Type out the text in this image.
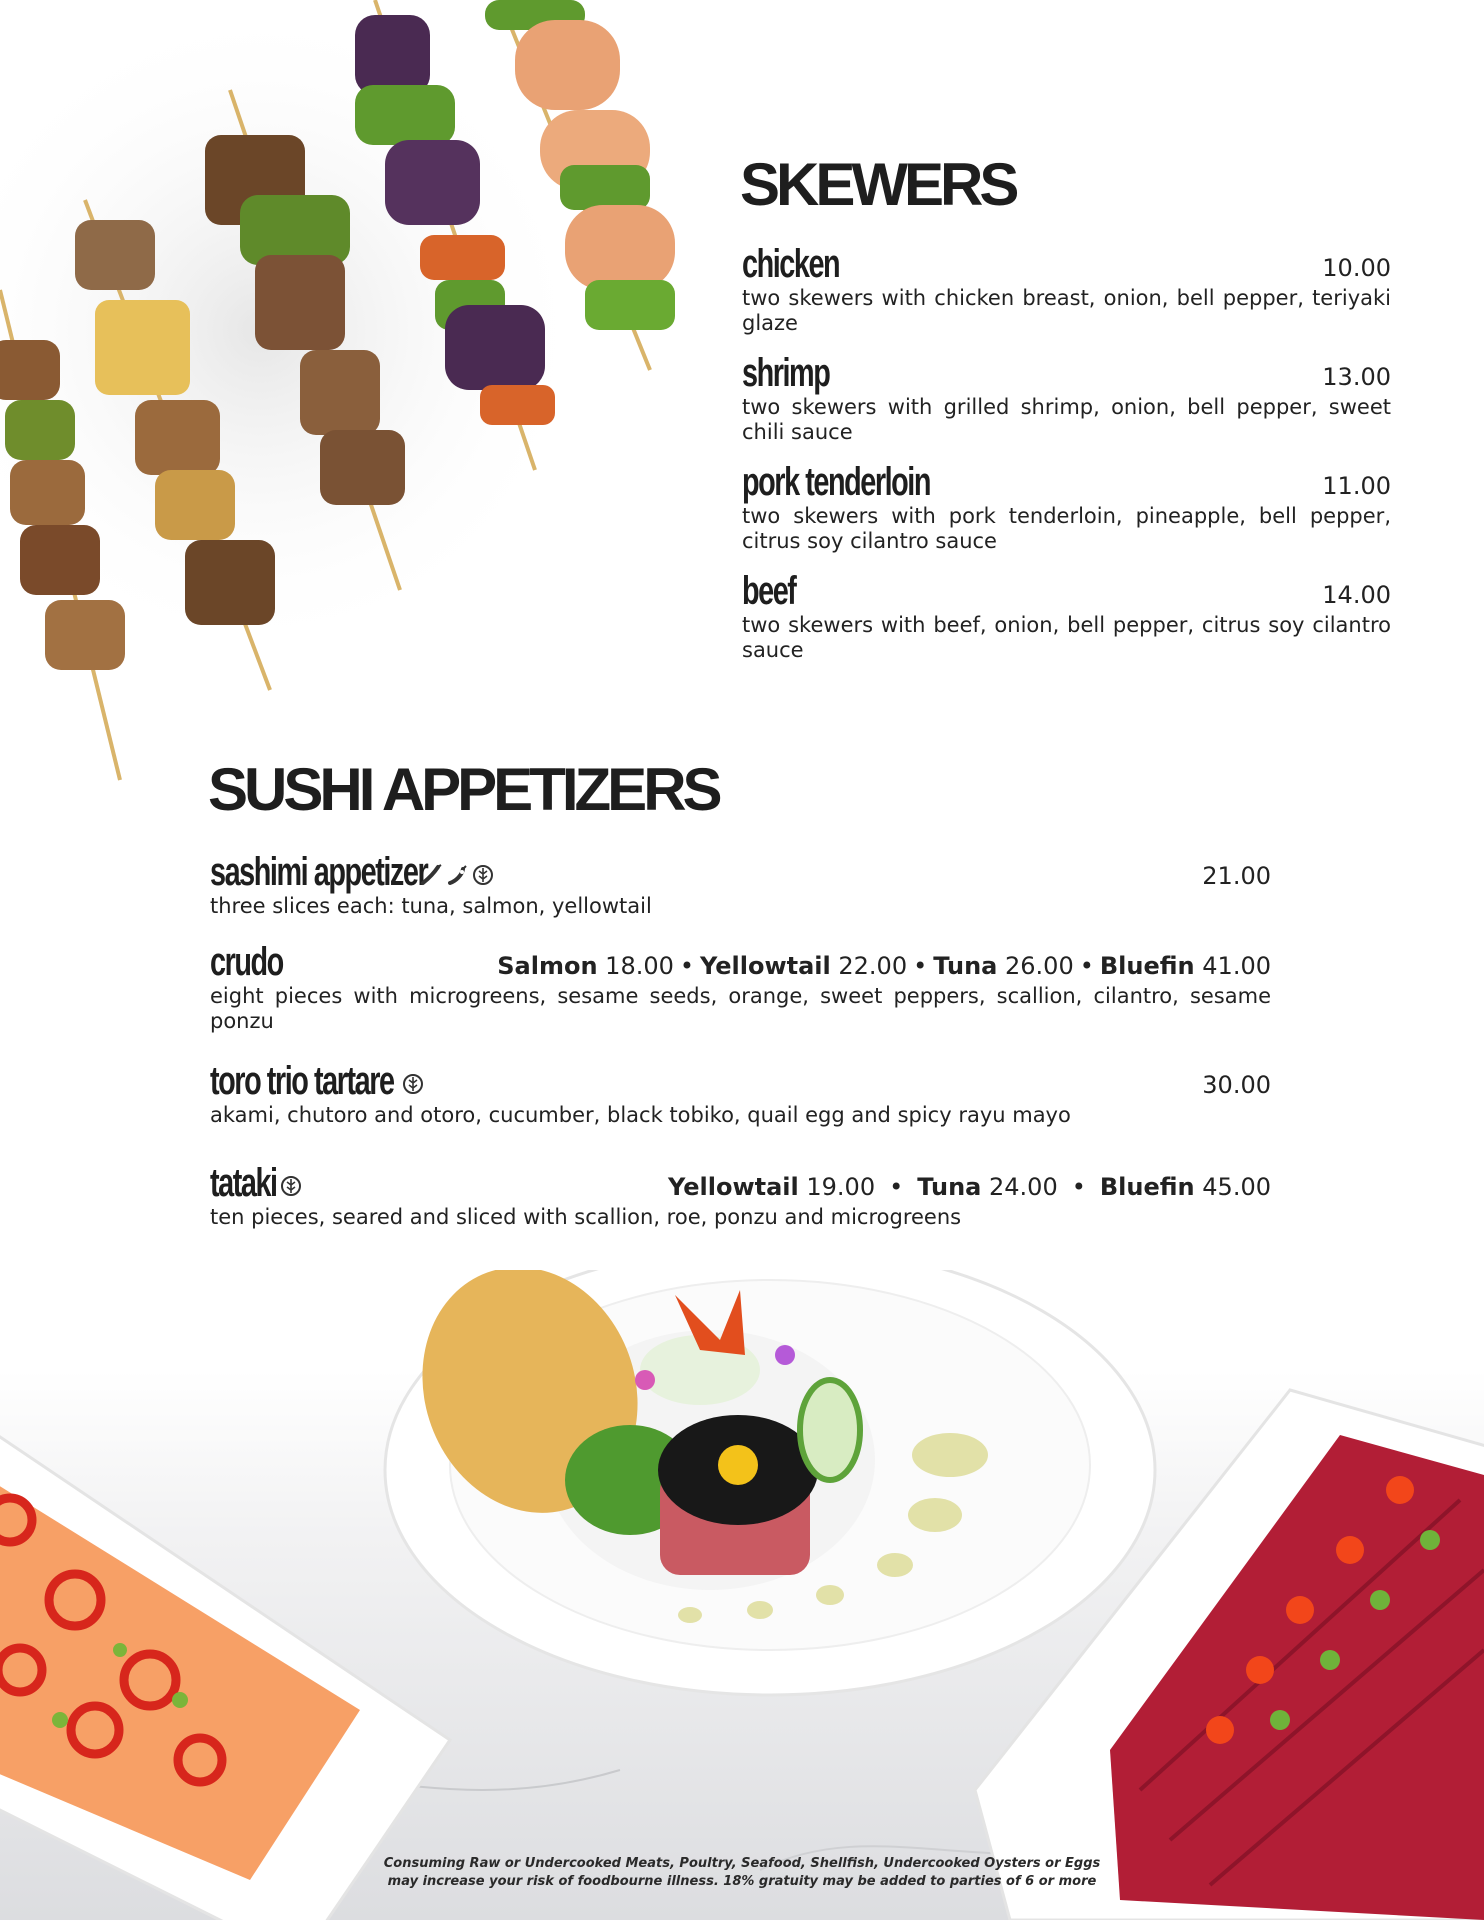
SKEWERS
chicken	10.00
two skewers with chicken breast, onion, bell pepper, teriyaki glaze
shrimp	13.00
two skewers with grilled shrimp, onion, bell pepper, sweet chili sauce
pork tenderloin	11.00
two skewers with pork tenderloin, pineapple, bell pepper, citrus soy cilantro sauce
beef	14.00
two skewers with beef, onion, bell pepper, citrus soy cilantro sauce
SUSHI APPETIZERS
sashimi appetizer	21.00
three slices each: tuna, salmon, yellowtail
crudo	Salmon 18.00 • Yellowtail 22.00 • Tuna 26.00 • Bluefin 41.00
eight pieces with microgreens, sesame seeds, orange, sweet peppers, scallion, cilantro, sesame ponzu
toro trio tartare	30.00
akami, chutoro and otoro, cucumber, black tobiko, quail egg and spicy rayu mayo
tataki	Yellowtail 19.00 • Tuna 24.00 • Bluefin 45.00
ten pieces, seared and sliced with scallion, roe, ponzu and microgreens
Consuming Raw or Undercooked Meats, Poultry, Seafood, Shellfish, Undercooked Oysters or Eggs
may increase your risk of foodbourne illness. 18% gratuity may be added to parties of 6 or more
